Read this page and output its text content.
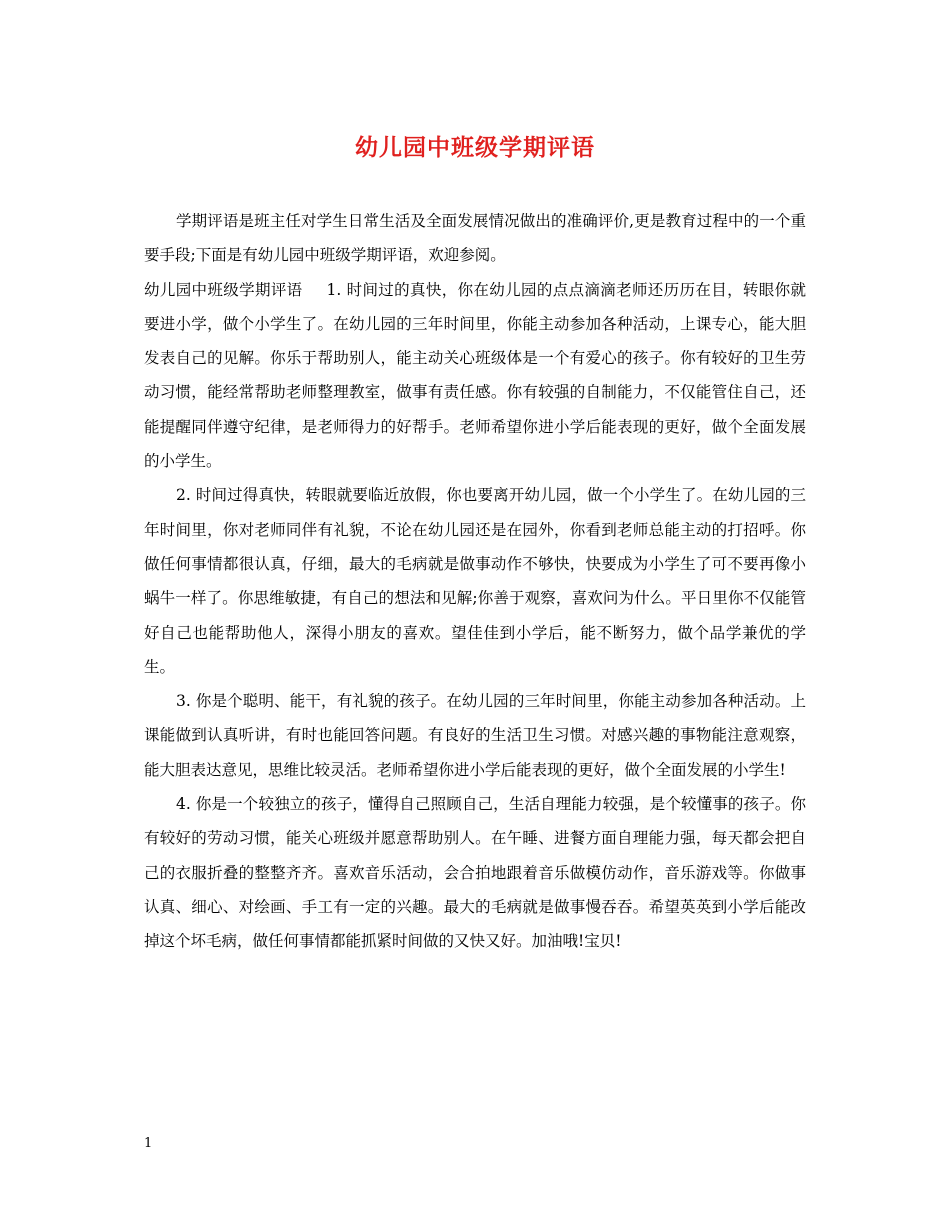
幼儿园中班级学期评语

学期评语是班主任对学生日常生活及全面发展情况做出的准确评价,更是教育过程中的一个重要手段;下面是有幼儿园中班级学期评语，欢迎参阅。

幼儿园中班级学期评语 1. 时间过的真快，你在幼儿园的点点滴滴老师还历历在目，转眼你就要进小学，做个小学生了。在幼儿园的三年时间里，你能主动参加各种活动，上课专心，能大胆发表自己的见解。你乐于帮助别人，能主动关心班级体是一个有爱心的孩子。你有较好的卫生劳动习惯，能经常帮助老师整理教室，做事有责任感。你有较强的自制能力，不仅能管住自己，还能提醒同伴遵守纪律，是老师得力的好帮手。老师希望你进小学后能表现的更好，做个全面发展的小学生。

2. 时间过得真快，转眼就要临近放假，你也要离开幼儿园，做一个小学生了。在幼儿园的三年时间里，你对老师同伴有礼貌，不论在幼儿园还是在园外，你看到老师总能主动的打招呼。你做任何事情都很认真，仔细，最大的毛病就是做事动作不够快，快要成为小学生了可不要再像小蜗牛一样了。你思维敏捷，有自己的想法和见解;你善于观察，喜欢问为什么。平日里你不仅能管好自己也能帮助他人，深得小朋友的喜欢。望佳佳到小学后，能不断努力，做个品学兼优的学生。

3. 你是个聪明、能干，有礼貌的孩子。在幼儿园的三年时间里，你能主动参加各种活动。上课能做到认真听讲，有时也能回答问题。有良好的生活卫生习惯。对感兴趣的事物能注意观察，能大胆表达意见，思维比较灵活。老师希望你进小学后能表现的更好，做个全面发展的小学生!

4. 你是一个较独立的孩子，懂得自己照顾自己，生活自理能力较强，是个较懂事的孩子。你有较好的劳动习惯，能关心班级并愿意帮助别人。在午睡、进餐方面自理能力强，每天都会把自己的衣服折叠的整整齐齐。喜欢音乐活动，会合拍地跟着音乐做模仿动作，音乐游戏等。你做事认真、细心、对绘画、手工有一定的兴趣。最大的毛病就是做事慢吞吞。希望英英到小学后能改掉这个坏毛病，做任何事情都能抓紧时间做的又快又好。加油哦!宝贝!

1
